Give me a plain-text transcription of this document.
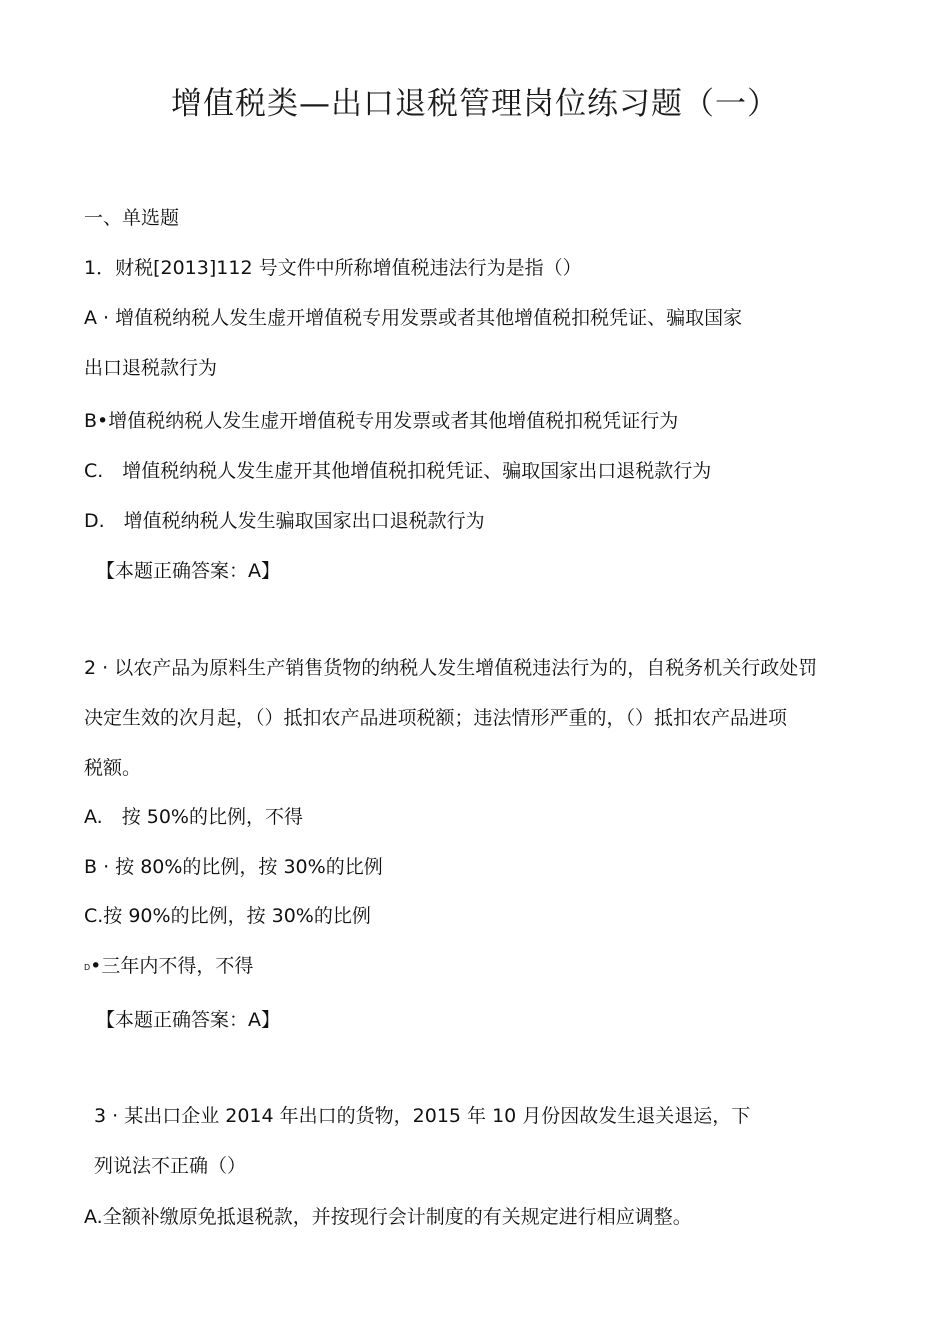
增值税类—出口退税管理岗位练习题（一）
一、单选题
1．财税[2013]112 号文件中所称增值税违法行为是指（）
A · 增值税纳税人发生虚开增值税专用发票或者其他增值税扣税凭证、骗取国家
出口退税款行为
B•增值税纳税人发生虚开增值税专用发票或者其他增值税扣税凭证行为
C.　增值税纳税人发生虚开其他增值税扣税凭证、骗取国家出口退税款行为
D.　增值税纳税人发生骗取国家出口退税款行为
【本题正确答案：A】
2 · 以农产品为原料生产销售货物的纳税人发生增值税违法行为的，自税务机关行政处罚
决定生效的次月起，（）抵扣农产品进项税额；违法情形严重的，（）抵扣农产品进项
税额。
A.　按 50%的比例，不得
B · 按 80%的比例，按 30%的比例
C.按 90%的比例，按 30%的比例
$^D$•三年内不得，不得
【本题正确答案：A】
3 · 某出口企业 2014 年出口的货物，2015 年 10 月份因故发生退关退运，下
列说法不正确（）
A.全额补缴原免抵退税款，并按现行会计制度的有关规定进行相应调整。
